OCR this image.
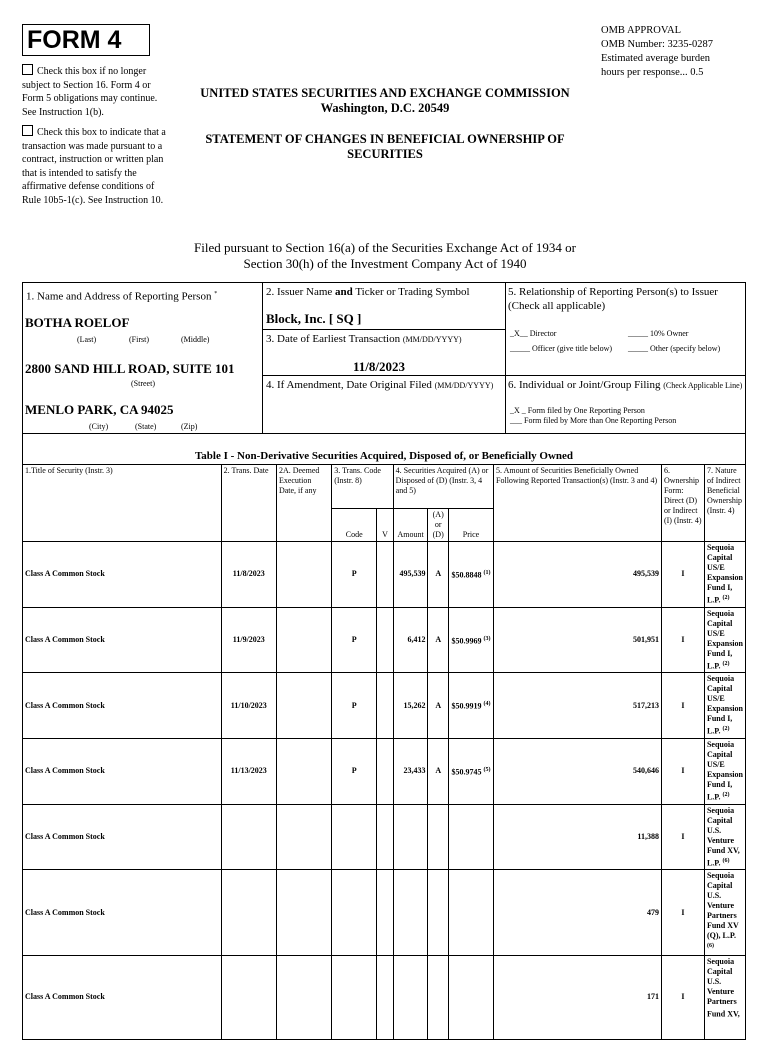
FORM 4	OMB APPROVAL
OMB Number: 3235-0287
Estimated average burden
hours per response... 0.5
Check this box if no longer subject to Section 16. Form 4 or Form 5 obligations may continue. See Instruction 1(b).
Check this box to indicate that a transaction was made pursuant to a contract, instruction or written plan that is intended to satisfy the affirmative defense conditions of Rule 10b5-1(c). See Instruction 10.
UNITED STATES SECURITIES AND EXCHANGE COMMISSION
Washington, D.C. 20549
STATEMENT OF CHANGES IN BENEFICIAL OWNERSHIP OF SECURITIES
Filed pursuant to Section 16(a) of the Securities Exchange Act of 1934 or
Section 30(h) of the Investment Company Act of 1940
1. Name and Address of Reporting Person *
BOTHA ROELOF
(Last)	(First)	(Middle)
2800 SAND HILL ROAD, SUITE 101
(Street)
MENLO PARK, CA 94025
(City)	(State)	(Zip)
2. Issuer Name and Ticker or Trading Symbol
Block, Inc. [ SQ ]
3. Date of Earliest Transaction (MM/DD/YYYY)
11/8/2023
4. If Amendment, Date Original Filed (MM/DD/YYYY)
5. Relationship of Reporting Person(s) to Issuer
(Check all applicable)
_X__ Director	_____ 10% Owner
_____ Officer (give title below) _____ Other (specify below)
6. Individual or Joint/Group Filing (Check Applicable Line)
_X _ Form filed by One Reporting Person
___ Form filed by More than One Reporting Person
Table I - Non-Derivative Securities Acquired, Disposed of, or Beneficially Owned
1.Title of Security (Instr. 3)	2. Trans. Date	2A. Deemed Execution Date, if any	3. Trans. Code (Instr. 8)		4. Securities Acquired (A) or Disposed of (D) (Instr. 3, 4 and 5)			5. Amount of Securities Beneficially Owned Following Reported Transaction(s) (Instr. 3 and 4)	6. Ownership Form: Direct (D) or Indirect (I) (Instr. 4)	7. Nature of Indirect Beneficial Ownership (Instr. 4)
			Code	V	Amount	(A) or (D)	Price			
Class A Common Stock	11/8/2023		P		495,539	A	$50.8848 $^{(1)}$	495,539	I	Sequoia Capital US/E Expansion Fund I, L.P. $^{(2)}$
Class A Common Stock	11/9/2023		P		6,412	A	$50.9969 $^{(3)}$	501,951	I	Sequoia Capital US/E Expansion Fund I, L.P. $^{(2)}$
Class A Common Stock	11/10/2023		P		15,262	A	$50.9919 $^{(4)}$	517,213	I	Sequoia Capital US/E Expansion Fund I, L.P. $^{(2)}$
Class A Common Stock	11/13/2023		P		23,433	A	$50.9745 $^{(5)}$	540,646	I	Sequoia Capital US/E Expansion Fund I, L.P. $^{(2)}$
Class A Common Stock								11,388	I	Sequoia Capital U.S. Venture Fund XV, L.P. $^{(6)}$
Class A Common Stock								479	I	Sequoia Capital U.S. Venture Partners Fund XV (Q), L.P. $^{(6)}$
Class A Common Stock								171	I	Sequoia Capital U.S. Venture Partners Fund XV,
